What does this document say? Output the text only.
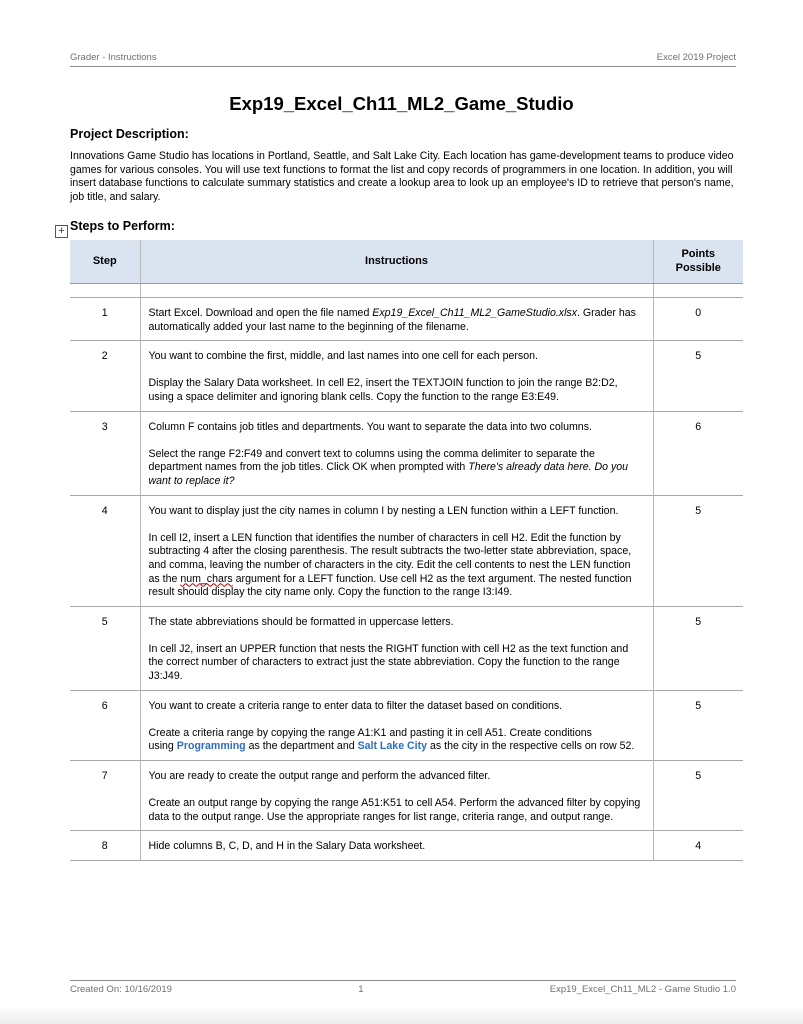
Grader - Instructions	Excel 2019 Project
Exp19_Excel_Ch11_ML2_Game_Studio
Project Description:
Innovations Game Studio has locations in Portland, Seattle, and Salt Lake City. Each location has game-development teams to produce video games for various consoles. You will use text functions to format the list and copy records of programmers in one location. In addition, you will insert database functions to calculate summary statistics and create a lookup area to look up an employee's ID to retrieve that person's name, job title, and salary.
+ Steps to Perform:
Step	Instructions	Points Possible

1	Start Excel. Download and open the file named Exp19_Excel_Ch11_ML2_GameStudio.xlsx. Grader has automatically added your last name to the beginning of the filename.	0
2	You want to combine the first, middle, and last names into one cell for each person.

Display the Salary Data worksheet. In cell E2, insert the TEXTJOIN function to join the range B2:D2, using a space delimiter and ignoring blank cells. Copy the function to the range E3:E49.	5
3	Column F contains job titles and departments. You want to separate the data into two columns.

Select the range F2:F49 and convert text to columns using the comma delimiter to separate the department names from the job titles. Click OK when prompted with There's already data here. Do you want to replace it?	6
4	You want to display just the city names in column I by nesting a LEN function within a LEFT function.

In cell I2, insert a LEN function that identifies the number of characters in cell H2. Edit the function by subtracting 4 after the closing parenthesis. The result subtracts the two-letter state abbreviation, space, and comma, leaving the number of characters in the city. Edit the cell contents to nest the LEN function as the num_chars argument for a LEFT function. Use cell H2 as the text argument. The nested function result should display the city name only. Copy the function to the range I3:I49.	5
5	The state abbreviations should be formatted in uppercase letters.

In cell J2, insert an UPPER function that nests the RIGHT function with cell H2 as the text function and the correct number of characters to extract just the state abbreviation. Copy the function to the range J3:J49.	5
6	You want to create a criteria range to enter data to filter the dataset based on conditions.

Create a criteria range by copying the range A1:K1 and pasting it in cell A51. Create conditions
using Programming as the department and Salt Lake City as the city in the respective cells on row 52.	5
7	You are ready to create the output range and perform the advanced filter.

Create an output range by copying the range A51:K51 to cell A54. Perform the advanced filter by copying data to the output range. Use the appropriate ranges for list range, criteria range, and output range.	5
8	Hide columns B, C, D, and H in the Salary Data worksheet.	4
Created On: 10/16/2019	1	Exp19_Excel_Ch11_ML2 - Game Studio 1.0
